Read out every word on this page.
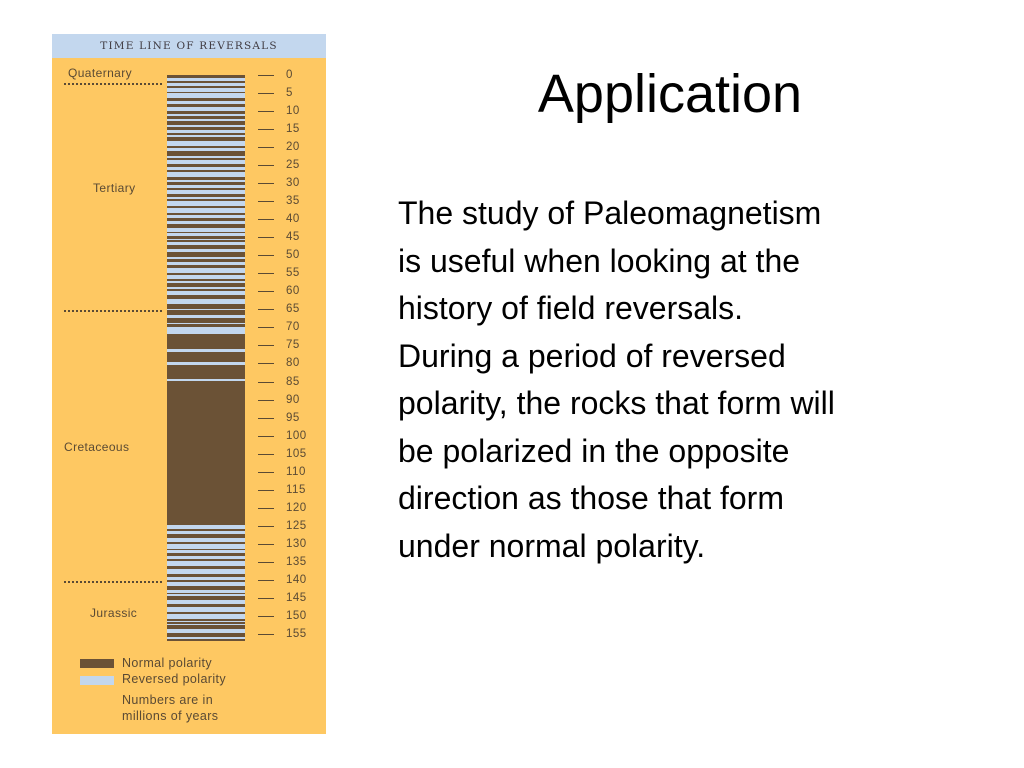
TIME LINE OF REVERSALS
Quaternary
Tertiary
Cretaceous
Jurassic
Normal polarity
Reversed polarity
Numbers are in
millions of years
0
5
10
15
20
25
30
35
40
45
50
55
60
65
70
75
80
85
90
95
100
105
110
115
120
125
130
135
140
145
150
155
Application
The study of Paleomagnetism
is useful when looking at the
history of field reversals.
During a period of reversed
polarity, the rocks that form will
be polarized in the opposite
direction as those that form
under normal polarity.
